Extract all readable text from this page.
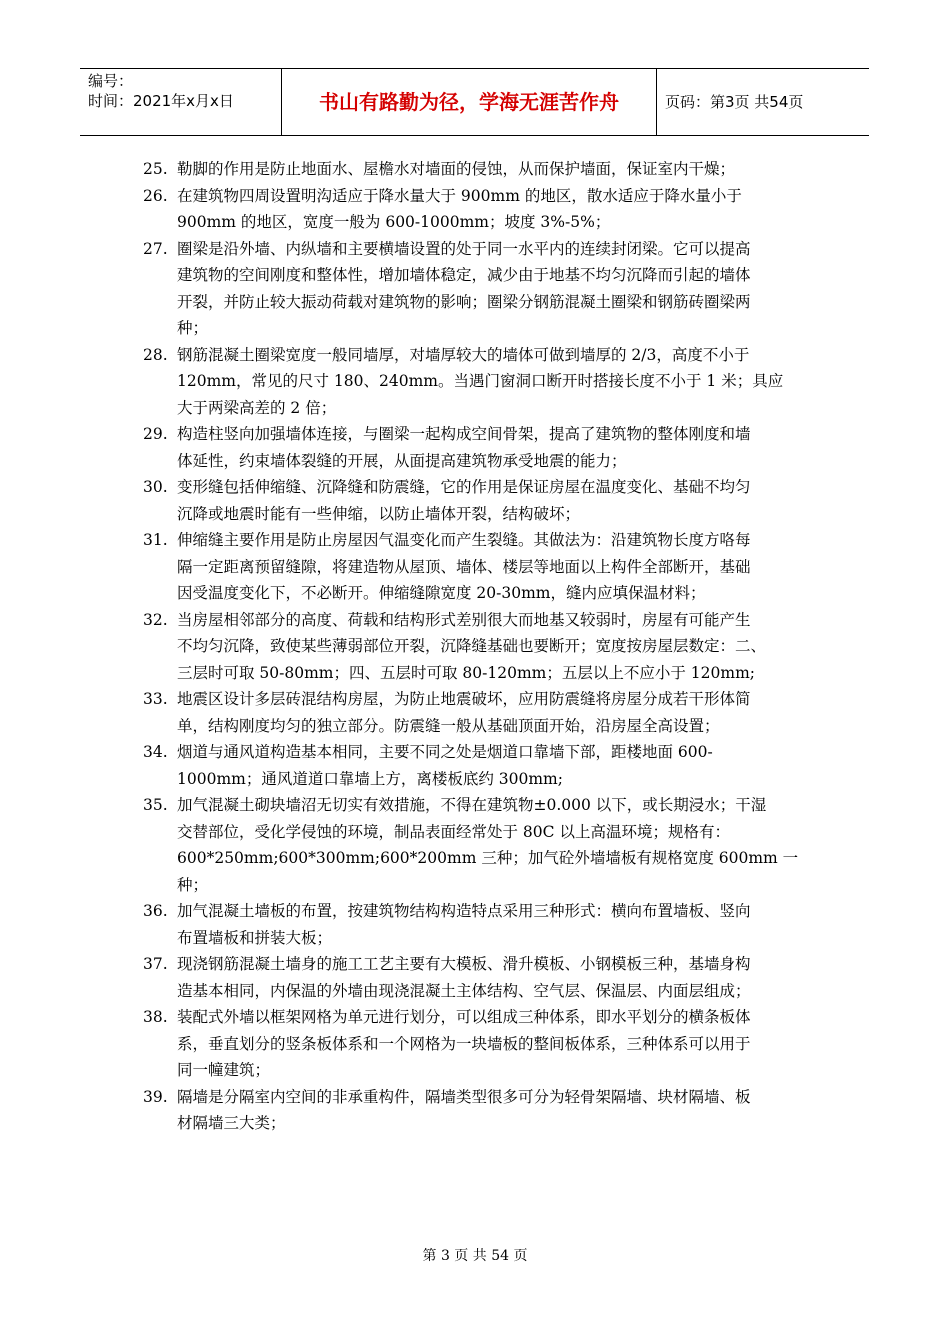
编号：
时间：2021年x月x日	书山有路勤为径，学海无涯苦作舟	页码：第3页 共54页
25. 勒脚的作用是防止地面水、屋檐水对墙面的侵蚀，从而保护墙面，保证室内干燥；
26. 在建筑物四周设置明沟适应于降水量大于 900mm 的地区，散水适应于降水量小于
900mm 的地区，宽度一般为 600-1000mm；坡度 3%-5%；
27. 圈梁是沿外墙、内纵墙和主要横墙设置的处于同一水平内的连续封闭梁。它可以提高
建筑物的空间刚度和整体性，增加墙体稳定，减少由于地基不均匀沉降而引起的墙体
开裂，并防止较大振动荷载对建筑物的影响；圈梁分钢筋混凝土圈梁和钢筋砖圈梁两
种；
28. 钢筋混凝土圈梁宽度一般同墙厚，对墙厚较大的墙体可做到墙厚的 2/3，高度不小于
120mm，常见的尺寸 180、240mm。当遇门窗洞口断开时搭接长度不小于 1 米；具应
大于两梁高差的 2 倍；
29. 构造柱竖向加强墙体连接，与圈梁一起构成空间骨架，提高了建筑物的整体刚度和墙
体延性，约束墙体裂缝的开展，从面提高建筑物承受地震的能力；
30. 变形缝包括伸缩缝、沉降缝和防震缝，它的作用是保证房屋在温度变化、基础不均匀
沉降或地震时能有一些伸缩，以防止墙体开裂，结构破坏；
31. 伸缩缝主要作用是防止房屋因气温变化而产生裂缝。其做法为：沿建筑物长度方咯每
隔一定距离预留缝隙，将建造物从屋顶、墙体、楼层等地面以上构件全部断开，基础
因受温度变化下，不必断开。伸缩缝隙宽度 20-30mm，缝内应填保温材料；
32. 当房屋相邻部分的高度、荷载和结构形式差别很大而地基又较弱时，房屋有可能产生
不均匀沉降，致使某些薄弱部位开裂，沉降缝基础也要断开；宽度按房屋层数定：二、
三层时可取 50-80mm；四、五层时可取 80-120mm；五层以上不应小于 120mm;
33. 地震区设计多层砖混结构房屋，为防止地震破坏，应用防震缝将房屋分成若干形体简
单，结构刚度均匀的独立部分。防震缝一般从基础顶面开始，沿房屋全高设置；
34. 烟道与通风道构造基本相同，主要不同之处是烟道口靠墙下部，距楼地面 600-
1000mm；通风道道口靠墙上方，离楼板底约 300mm;
35. 加气混凝土砌块墙沼无切实有效措施，不得在建筑物±0.000 以下，或长期浸水；干湿
交替部位，受化学侵蚀的环境，制品表面经常处于 80C 以上高温环境；规格有：
600*250mm;600*300mm;600*200mm 三种；加气砼外墙墙板有规格宽度 600mm 一种；
36. 加气混凝土墙板的布置，按建筑物结构构造特点采用三种形式：横向布置墙板、竖向
布置墙板和拼装大板；
37. 现浇钢筋混凝土墙身的施工工艺主要有大模板、滑升模板、小钢模板三种，基墙身构
造基本相同，内保温的外墙由现浇混凝土主体结构、空气层、保温层、内面层组成；
38. 装配式外墙以框架网格为单元进行划分，可以组成三种体系，即水平划分的横条板体
系，垂直划分的竖条板体系和一个网格为一块墙板的整间板体系，三种体系可以用于
同一幢建筑；
39. 隔墙是分隔室内空间的非承重构件，隔墙类型很多可分为轻骨架隔墙、块材隔墙、板
材隔墙三大类；
第 3 页 共 54 页
